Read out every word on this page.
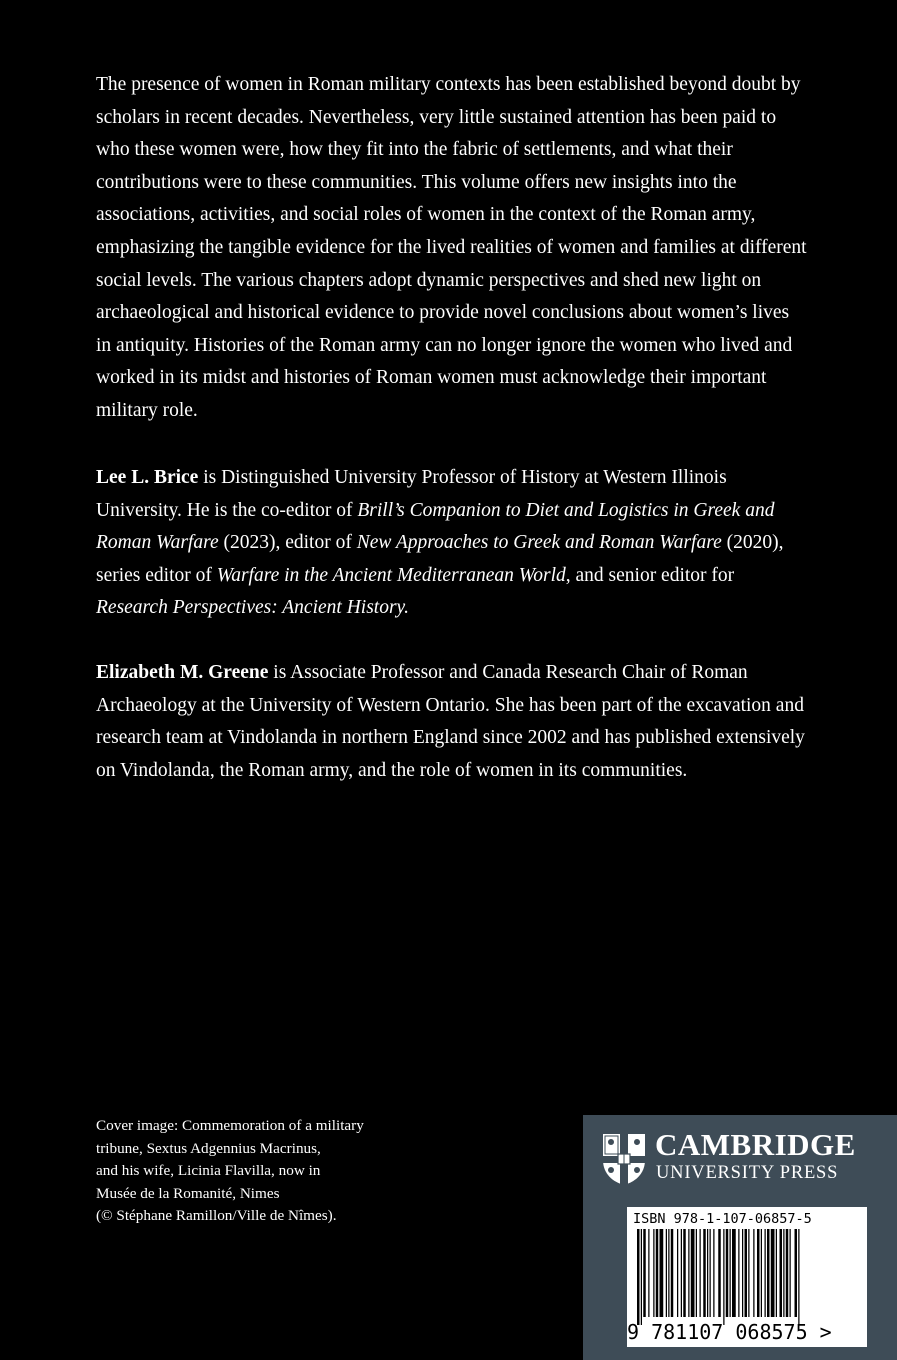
The presence of women in Roman military contexts has been established beyond doubt by scholars in recent decades. Nevertheless, very little sustained attention has been paid to who these women were, how they fit into the fabric of settlements, and what their contributions were to these communities. This volume offers new insights into the associations, activities, and social roles of women in the context of the Roman army, emphasizing the tangible evidence for the lived realities of women and families at different social levels. The various chapters adopt dynamic perspectives and shed new light on archaeological and historical evidence to provide novel conclusions about women’s lives in antiquity. Histories of the Roman army can no longer ignore the women who lived and worked in its midst and histories of Roman women must acknowledge their important military role.

Lee L. Brice is Distinguished University Professor of History at Western Illinois University. He is the co-editor of Brill’s Companion to Diet and Logistics in Greek and Roman Warfare (2023), editor of New Approaches to Greek and Roman Warfare (2020), series editor of Warfare in the Ancient Mediterranean World, and senior editor for Research Perspectives: Ancient History.

Elizabeth M. Greene is Associate Professor and Canada Research Chair of Roman Archaeology at the University of Western Ontario. She has been part of the excavation and research team at Vindolanda in northern England since 2002 and has published extensively on Vindolanda, the Roman army, and the role of women in its communities.

Cover image: Commemoration of a military
tribune, Sextus Adgennius Macrinus,
and his wife, Licinia Flavilla, now in
Musée de la Romanité, Nimes
(© Stéphane Ramillon/Ville de Nîmes).
CAMBRIDGE
UNIVERSITY PRESS
ISBN 978-1-107-06857-5
9 781107 068575 >
